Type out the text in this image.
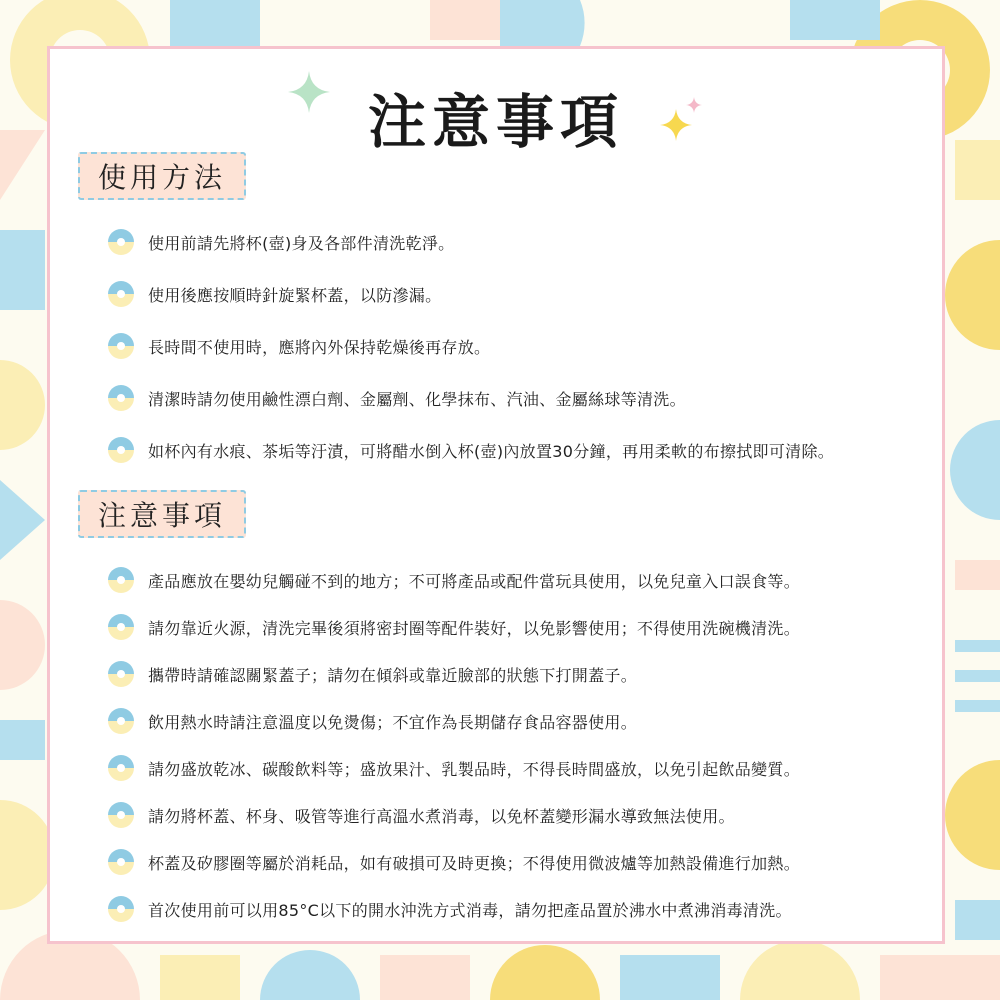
注意事項
使用方法
使用前請先將杯(壺)身及各部件清洗乾淨。
使用後應按順時針旋緊杯蓋，以防滲漏。
長時間不使用時，應將內外保持乾燥後再存放。
清潔時請勿使用鹼性漂白劑、金屬劑、化學抹布、汽油、金屬絲球等清洗。
如杯內有水痕、茶垢等汙漬，可將醋水倒入杯(壺)內放置30分鐘，再用柔軟的布擦拭即可清除。
注意事項
產品應放在嬰幼兒觸碰不到的地方；不可將產品或配件當玩具使用，以免兒童入口誤食等。
請勿靠近火源，清洗完畢後須將密封圈等配件裝好，以免影響使用；不得使用洗碗機清洗。
攜帶時請確認關緊蓋子；請勿在傾斜或靠近臉部的狀態下打開蓋子。
飲用熱水時請注意溫度以免燙傷；不宜作為長期儲存食品容器使用。
請勿盛放乾冰、碳酸飲料等；盛放果汁、乳製品時，不得長時間盛放，以免引起飲品變質。
請勿將杯蓋、杯身、吸管等進行高溫水煮消毒，以免杯蓋變形漏水導致無法使用。
杯蓋及矽膠圈等屬於消耗品，如有破損可及時更換；不得使用微波爐等加熱設備進行加熱。
首次使用前可以用85°C以下的開水沖洗方式消毒，請勿把產品置於沸水中煮沸消毒清洗。
